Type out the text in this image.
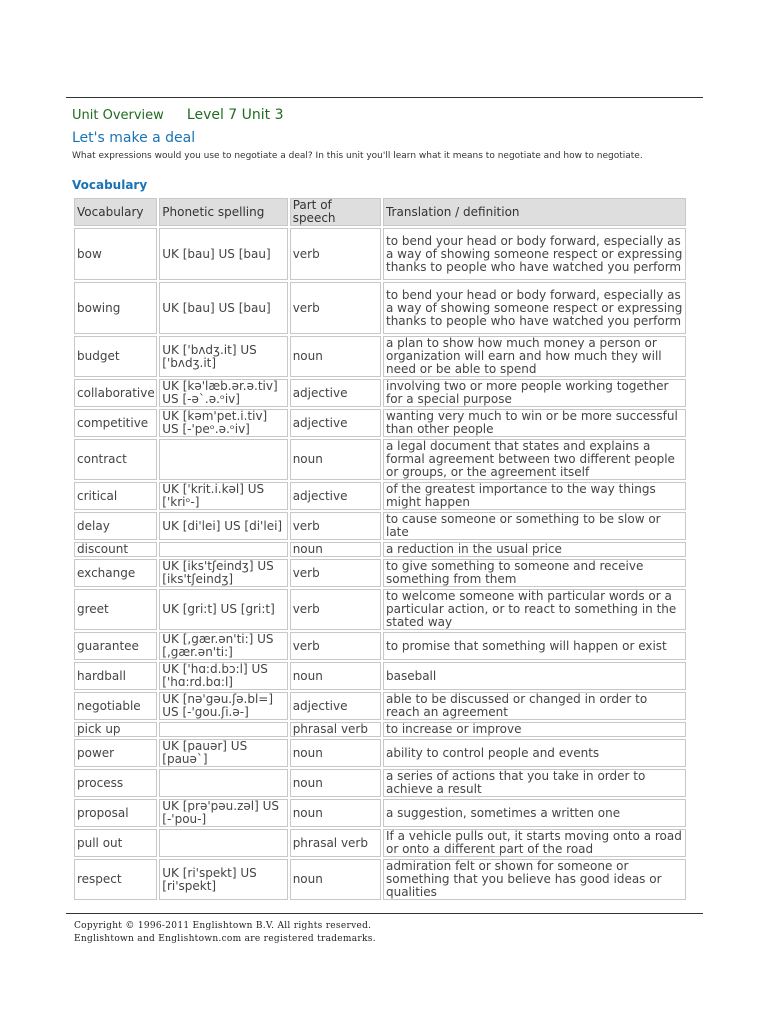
Unit Overview Level 7 Unit 3
Let's make a deal
What expressions would you use to negotiate a deal? In this unit you'll learn what it means to negotiate and how to negotiate.
Vocabulary
Vocabulary	Phonetic spelling	Part of speech	Translation / definition
bow	UK [bau] US [bau]	verb	to bend your head or body forward, especially as a way of showing someone respect or expressing thanks to people who have watched you perform
bowing	UK [bau] US [bau]	verb	to bend your head or body forward, especially as a way of showing someone respect or expressing thanks to people who have watched you perform
budget	UK ['bʌdʒ.it] US ['bʌdʒ.it]	noun	a plan to show how much money a person or organization will earn and how much they will need or be able to spend
collaborative	UK [kə'læb.ər.ə.tiv] US [-ə`.ə.ᵒiv]	adjective	involving two or more people working together for a special purpose
competitive	UK [kəm'pet.i.tiv] US [-'peᵒ.ə.ᵒiv]	adjective	wanting very much to win or be more successful than other people
contract		noun	a legal document that states and explains a formal agreement between two different people or groups, or the agreement itself
critical	UK ['krit.i.kəl] US ['kriᵒ-]	adjective	of the greatest importance to the way things might happen
delay	UK [di'lei] US [di'lei]	verb	to cause someone or something to be slow or late
discount		noun	a reduction in the usual price
exchange	UK [iks'tʃeindʒ] US [iks'tʃeindʒ]	verb	to give something to someone and receive something from them
greet	UK [gri:t] US [gri:t]	verb	to welcome someone with particular words or a particular action, or to react to something in the stated way
guarantee	UK [,gær.ən'ti:] US [,gær.ən'ti:]	verb	to promise that something will happen or exist
hardball	UK ['hɑ:d.bɔ:l] US ['hɑ:rd.bɑ:l]	noun	baseball
negotiable	UK [nə'gəu.ʃə.bl=] US [-'gou.ʃi.ə-]	adjective	able to be discussed or changed in order to reach an agreement
pick up		phrasal verb	to increase or improve
power	UK [pauər] US [pauə`]	noun	ability to control people and events
process		noun	a series of actions that you take in order to achieve a result
proposal	UK [prə'pəu.zəl] US [-'pou-]	noun	a suggestion, sometimes a written one
pull out		phrasal verb	If a vehicle pulls out, it starts moving onto a road or onto a different part of the road
respect	UK [ri'spekt] US [ri'spekt]	noun	admiration felt or shown for someone or something that you believe has good ideas or qualities
Copyright © 1996-2011 Englishtown B.V. All rights reserved.
Englishtown and Englishtown.com are registered trademarks.
